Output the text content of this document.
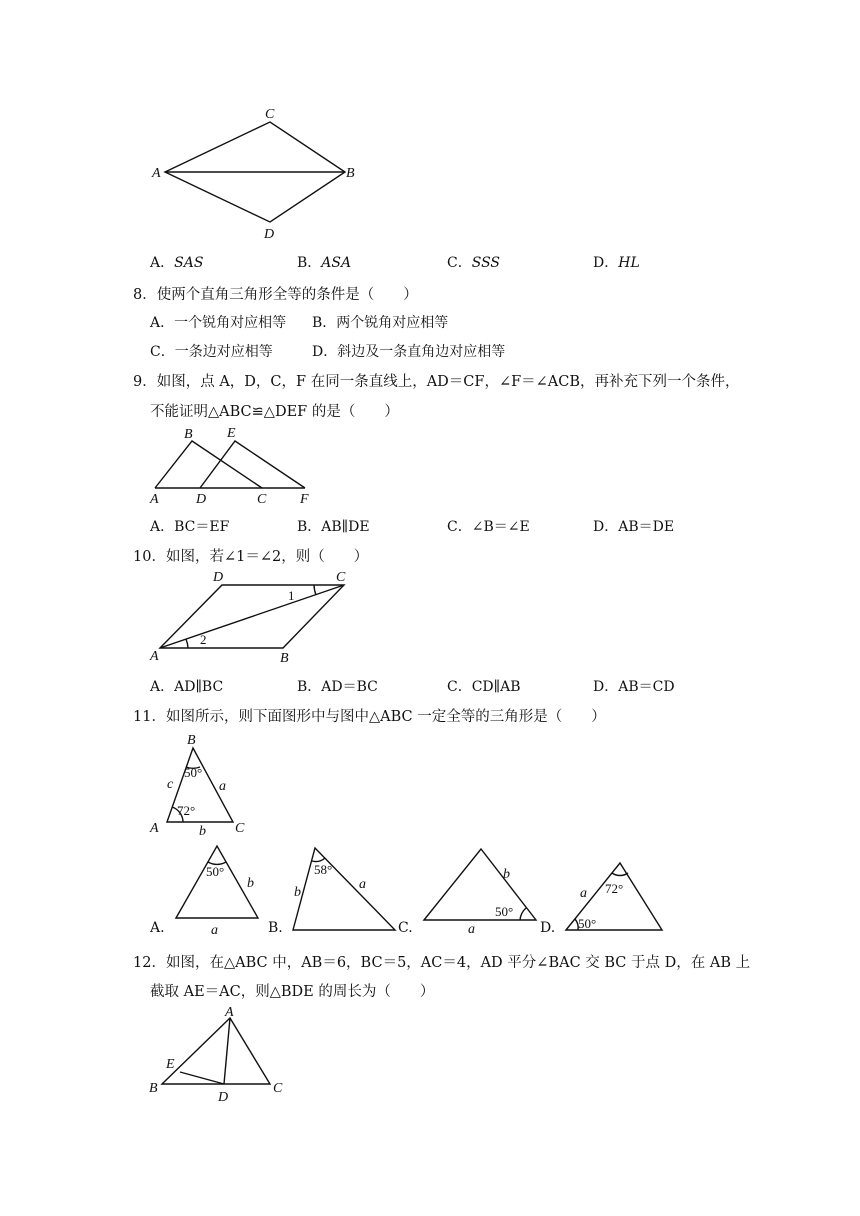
C
A	B
D
A．SAS	B．ASA	C．SSS	D．HL
8．使两个直角三角形全等的条件是（　　）
A．一个锐角对应相等 B．两个锐角对应相等
C．一条边对应相等	D．斜边及一条直角边对应相等
9．如图，点 A，D，C，F 在同一条直线上，AD＝CF，∠F＝∠ACB，再补充下列一个条件，
不能证明△ABC≌△DEF 的是（　　）
B E
A	D	C F
A．BC＝EF	B．AB∥DE	C．∠B＝∠E	D．AB＝DE
10．如图，若∠1＝∠2，则（　　）
D	C
A	B
1
2
A．AD∥BC	B．AD＝BC	C．CD∥AB	D．AB＝CD
11．如图所示，则下面图形中与图中△ABC 一定全等的三角形是（　　）
B
A	C
c	a
b
50°
72°
50°
b
a
58°
b
a
50°
b
a
72°
50°
a
A.	B.	C.	D.
12．如图，在△ABC 中，AB＝6，BC＝5，AC＝4，AD 平分∠BAC 交 BC 于点 D，在 AB 上
截取 AE＝AC，则△BDE 的周长为（　　）
A
E
B
D
C
